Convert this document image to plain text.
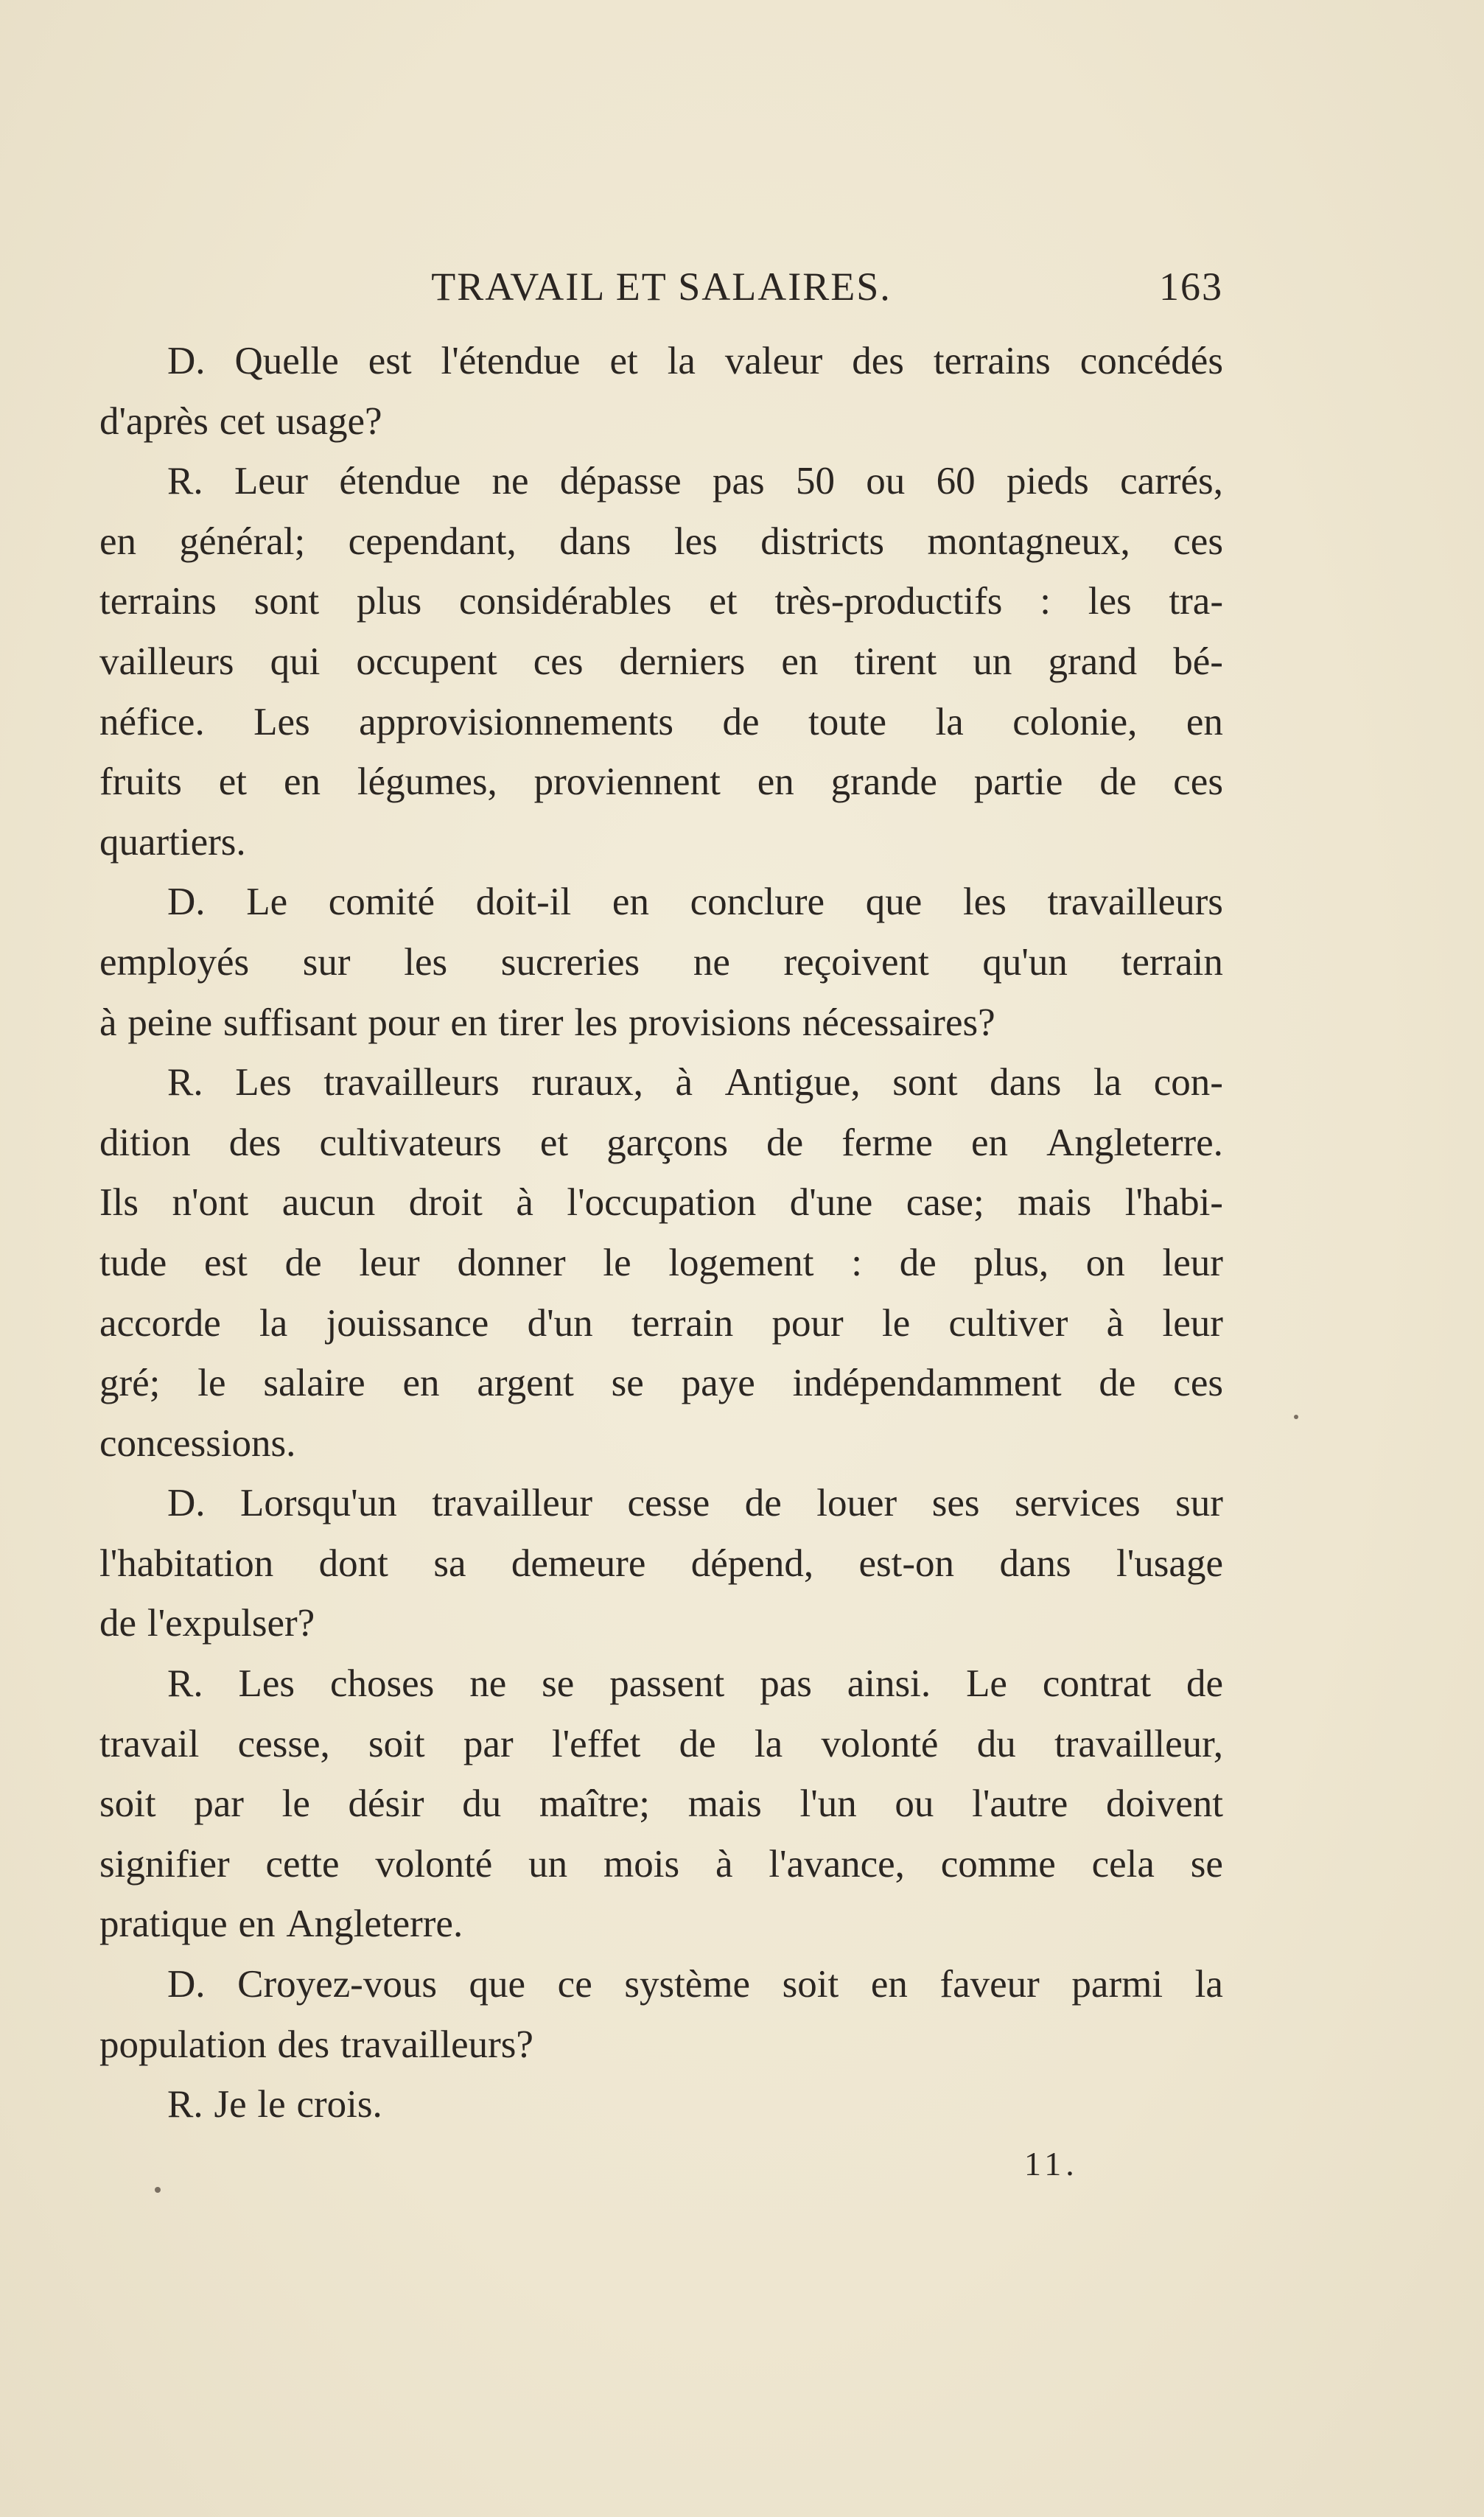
TRAVAIL ET SALAIRES.	163
D. Quelle est l'étendue et la valeur des terrains concédés
d'après cet usage?
R. Leur étendue ne dépasse pas 50 ou 60 pieds carrés,
en général; cependant, dans les districts montagneux, ces
terrains sont plus considérables et très-productifs : les tra-
vailleurs qui occupent ces derniers en tirent un grand bé-
néfice. Les approvisionnements de toute la colonie, en
fruits et en légumes, proviennent en grande partie de ces
quartiers.
D. Le comité doit-il en conclure que les travailleurs
employés sur les sucreries ne reçoivent qu'un terrain
à peine suffisant pour en tirer les provisions nécessaires?
R. Les travailleurs ruraux, à Antigue, sont dans la con-
dition des cultivateurs et garçons de ferme en Angleterre.
Ils n'ont aucun droit à l'occupation d'une case; mais l'habi-
tude est de leur donner le logement : de plus, on leur
accorde la jouissance d'un terrain pour le cultiver à leur
gré; le salaire en argent se paye indépendamment de ces
concessions.
D. Lorsqu'un travailleur cesse de louer ses services sur
l'habitation dont sa demeure dépend, est-on dans l'usage
de l'expulser?
R. Les choses ne se passent pas ainsi. Le contrat de
travail cesse, soit par l'effet de la volonté du travailleur,
soit par le désir du maître; mais l'un ou l'autre doivent
signifier cette volonté un mois à l'avance, comme cela se
pratique en Angleterre.
D. Croyez-vous que ce système soit en faveur parmi la
population des travailleurs?
R. Je le crois.
11.
